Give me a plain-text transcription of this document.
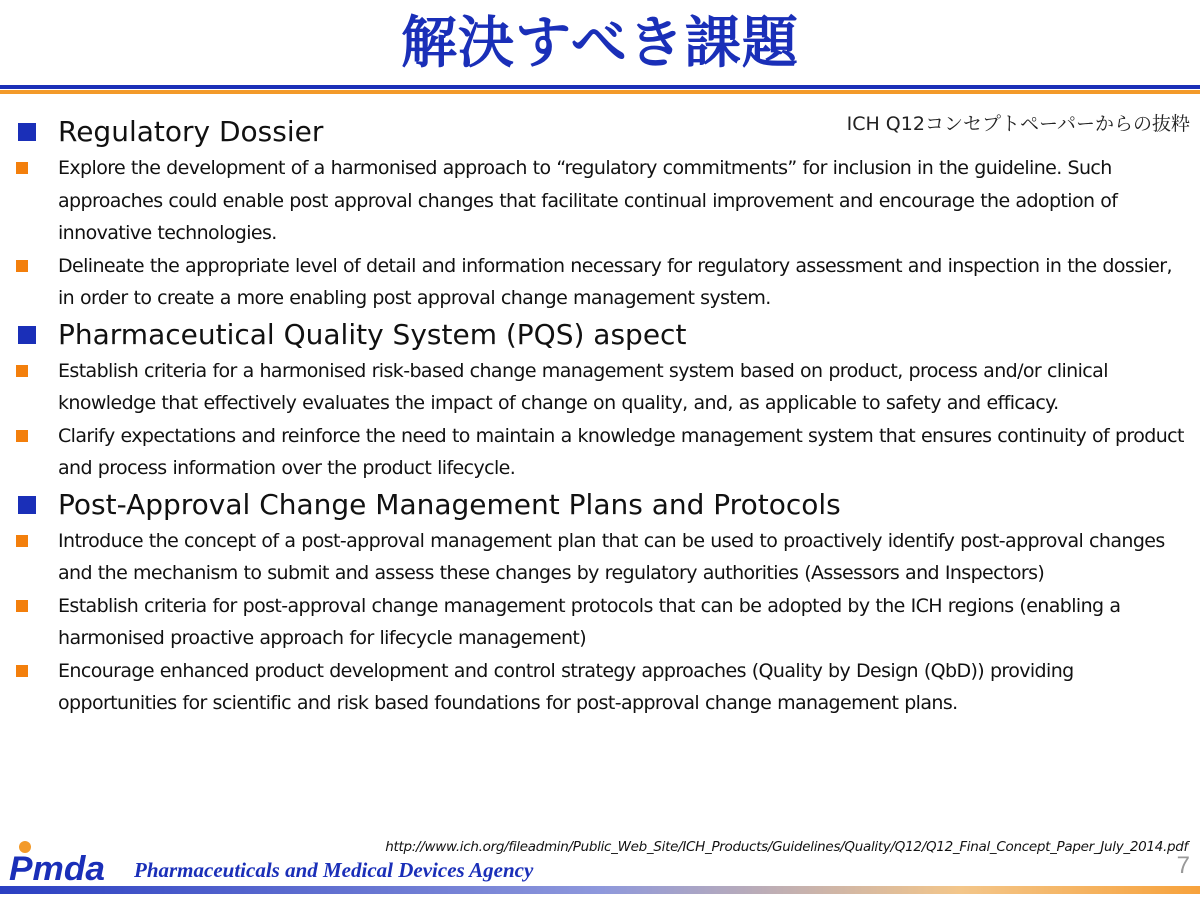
解決すべき課題
ICH Q12コンセプトペーパーからの抜粋
Regulatory Dossier
Explore the development of a harmonised approach to “regulatory commitments” for inclusion in the guideline. Such approaches could enable post approval changes that facilitate continual improvement and encourage the adoption of innovative technologies.
Delineate the appropriate level of detail and information necessary for regulatory assessment and inspection in the dossier, in order to create a more enabling post approval change management system.
Pharmaceutical Quality System (PQS) aspect
Establish criteria for a harmonised risk-based change management system based on product, process and/or clinical knowledge that effectively evaluates the impact of change on quality, and, as applicable to safety and efficacy.
Clarify expectations and reinforce the need to maintain a knowledge management system that ensures continuity of product and process information over the product lifecycle.
Post-Approval Change Management Plans and Protocols
Introduce the concept of a post-approval management plan that can be used to proactively identify post-approval changes and the mechanism to submit and assess these changes by regulatory authorities (Assessors and Inspectors)
Establish criteria for post-approval change management protocols that can be adopted by the ICH regions (enabling a harmonised proactive approach for lifecycle management)
Encourage enhanced product development and control strategy approaches (Quality by Design (QbD)) providing opportunities for scientific and risk based foundations for post-approval change management plans.
http://www.ich.org/fileadmin/Public_Web_Site/ICH_Products/Guidelines/Quality/Q12/Q12_Final_Concept_Paper_July_2014.pdf
Pmda Pharmaceuticals and Medical Devices Agency	7
